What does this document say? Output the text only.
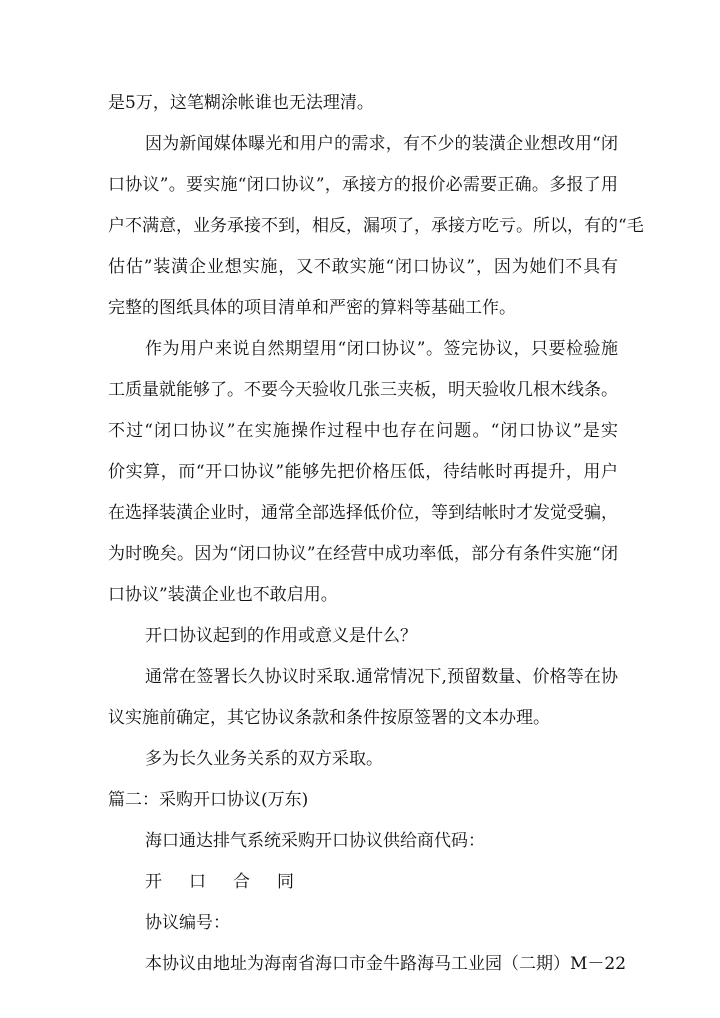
是5万，这笔糊涂帐谁也无法理清。
因为新闻媒体曝光和用户的需求，有不少的装潢企业想改用“闭
口协议”。要实施“闭口协议”，承接方的报价必需要正确。多报了用
户不满意，业务承接不到，相反，漏项了，承接方吃亏。所以，有的“毛
估估”装潢企业想实施，又不敢实施“闭口协议”，因为她们不具有
完整的图纸具体的项目清单和严密的算料等基础工作。
作为用户来说自然期望用“闭口协议”。签完协议，只要检验施
工质量就能够了。不要今天验收几张三夹板，明天验收几根木线条。
不过“闭口协议”在实施操作过程中也存在问题。“闭口协议”是实
价实算，而“开口协议”能够先把价格压低，待结帐时再提升，用户
在选择装潢企业时，通常全部选择低价位，等到结帐时才发觉受骗，
为时晚矣。因为“闭口协议”在经营中成功率低，部分有条件实施“闭
口协议”装潢企业也不敢启用。
开口协议起到的作用或意义是什么？
通常在签署长久协议时采取.通常情况下,预留数量、价格等在协
议实施前确定，其它协议条款和条件按原签署的文本办理。
多为长久业务关系的双方采取。
篇二：采购开口协议(万东)
海口通达排气系统采购开口协议供给商代码：
开口合同
协议编号：
本协议由地址为海南省海口市金牛路海马工业园（二期）M－22
